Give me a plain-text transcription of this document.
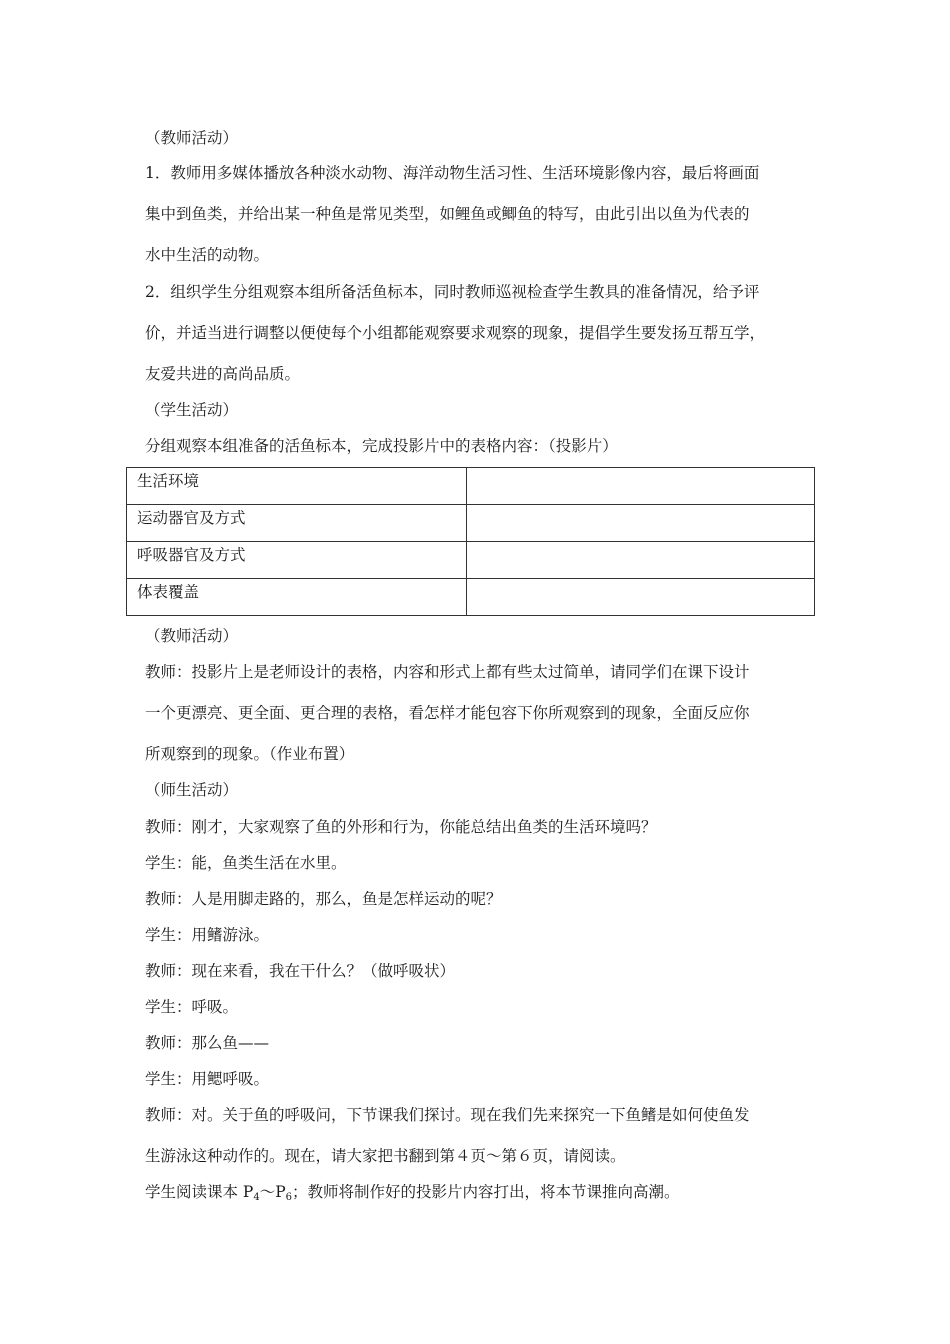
（教师活动）
1．教师用多媒体播放各种淡水动物、海洋动物生活习性、生活环境影像内容，最后将画面
集中到鱼类，并给出某一种鱼是常见类型，如鲤鱼或鲫鱼的特写，由此引出以鱼为代表的
水中生活的动物。
2．组织学生分组观察本组所备活鱼标本，同时教师巡视检查学生教具的准备情况，给予评
价，并适当进行调整以便使每个小组都能观察要求观察的现象，提倡学生要发扬互帮互学，
友爱共进的高尚品质。
（学生活动）
分组观察本组准备的活鱼标本，完成投影片中的表格内容：（投影片）
生活环境	
运动器官及方式	
呼吸器官及方式	
体表覆盖	
（教师活动）
教师：投影片上是老师设计的表格，内容和形式上都有些太过简单，请同学们在课下设计
一个更漂亮、更全面、更合理的表格，看怎样才能包容下你所观察到的现象，全面反应你
所观察到的现象。（作业布置）
（师生活动）
教师：刚才，大家观察了鱼的外形和行为，你能总结出鱼类的生活环境吗？
学生：能，鱼类生活在水里。
教师：人是用脚走路的，那么，鱼是怎样运动的呢？
学生：用鳍游泳。
教师：现在来看，我在干什么？（做呼吸状）
学生：呼吸。
教师：那么鱼——
学生：用鳃呼吸。
教师：对。关于鱼的呼吸问，下节课我们探讨。现在我们先来探究一下鱼鳍是如何使鱼发
生游泳这种动作的。现在，请大家把书翻到第４页～第６页，请阅读。
学生阅读课本 $P_4\sim P_6$；教师将制作好的投影片内容打出，将本节课推向高潮。
